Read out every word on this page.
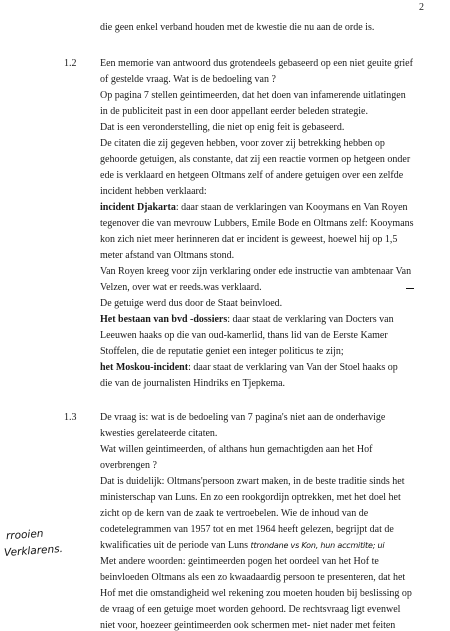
2
die geen enkel verband houden met de kwestie die nu aan de orde is.
1.2 Een memorie van antwoord dus grotendeels gebaseerd op een niet geuite grief
of gestelde vraag. Wat is de bedoeling van ?
Op pagina 7 stellen geintimeerden, dat het doen van infamerende uitlatingen
in de publiciteit past in een door appellant eerder beleden strategie.
Dat is een veronderstelling, die niet op enig feit is gebaseerd.
De citaten die zij gegeven hebben, voor zover zij betrekking hebben op
gehoorde getuigen, als constante, dat zij een reactie vormen op hetgeen onder
ede is verklaard en hetgeen Oltmans zelf of andere getuigen over een zelfde
incident hebben verklaard:
incident Djakarta: daar staan de verklaringen van Kooymans en Van Royen
tegenover die van mevrouw Lubbers, Emile Bode en Oltmans zelf: Kooymans
kon zich niet meer herinneren dat er incident is geweest, hoewel hij op 1,5
meter afstand van Oltmans stond.
Van Royen kreeg voor zijn verklaring onder ede instructie van ambtenaar Van
Velzen, over wat er reeds.was verklaard.
De getuige werd dus door de Staat beinvloed.
Het bestaan van bvd -dossiers: daar staat de verklaring van Docters van
Leeuwen haaks op die van oud-kamerlid, thans lid van de Eerste Kamer
Stoffelen, die de reputatie geniet een integer politicus te zijn;
het Moskou-incident: daar staat de verklaring van Van der Stoel haaks op
die van de journalisten Hindriks en Tjepkema.
1.3 De vraag is: wat is de bedoeling van 7 pagina's niet aan de onderhavige
kwesties gerelateerde citaten.
Wat willen geintimeerden, of althans hun gemachtigden aan het Hof
overbrengen ?
Dat is duidelijk: Oltmans'persoon zwart maken, in de beste traditie sinds het
ministerschap van Luns. En zo een rookgordijn optrekken, met het doel het
zicht op de kern van de zaak te vertroebelen. Wie de inhoud van de
codetelegrammen van 1957 tot en met 1964 heeft gelezen, begrijpt dat de
kwalificaties uit de periode van Luns ttrondane vs Kon, hun accmitite; ui
Met andere woorden: geintimeerden pogen het oordeel van het Hof te
beinvloeden Oltmans als een zo kwaadaardig persoon te presenteren, dat het
Hof met die omstandigheid wel rekening zou moeten houden bij beslissing op
de vraag of een getuige moet worden gehoord. De rechtsvraag ligt evenwel
niet voor, hoezeer geintimeerden ook schermen met- niet nader met feiten
rrooien
Verklarens.
